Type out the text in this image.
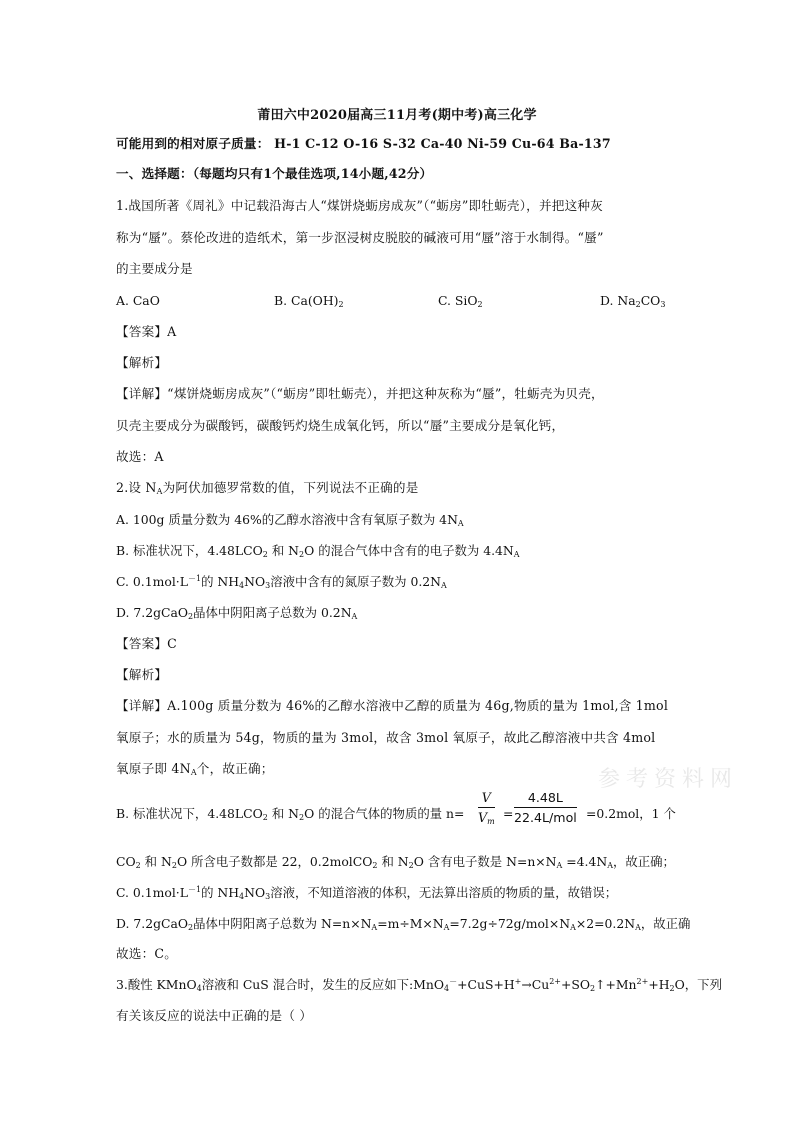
莆田六中2020届高三11月考(期中考)高三化学
可能用到的相对原子质量： H-1 C-12 O-16 S-32 Ca-40 Ni-59 Cu-64 Ba-137
一、选择题：（每题均只有1个最佳选项,14小题,42分）
1.战国所著《周礼》中记载沿海古人“煤饼烧蛎房成灰”（“蛎房”即牡蛎壳），并把这种灰
称为“蜃”。蔡伦改进的造纸术，第一步沤浸树皮脱胶的碱液可用“蜃”溶于水制得。“蜃”
的主要成分是
A. CaO	B. $Ca(OH)_2$	C. SiO$_2$	D. $Na_2CO_3$
【答案】A
【解析】
【详解】“煤饼烧蛎房成灰”（“蛎房”即牡蛎壳），并把这种灰称为“蜃”，牡蛎壳为贝壳，
贝壳主要成分为碳酸钙，碳酸钙灼烧生成氧化钙，所以“蜃”主要成分是氧化钙，
故选：A
2.设 $N_A$为阿伏加德罗常数的值，下列说法不正确的是
A. 100g 质量分数为 46%的乙醇水溶液中含有氧原子数为 $4N_A$
B. 标准状况下，$4.48LCO_2$ 和 $N_2O$ 的混合气体中含有的电子数为 $4.4N_A$
C. $0.1mol\cdot L^{-1}$的 $NH_4NO_3$溶液中含有的氮原子数为 $0.2N_A$
D. 7.2gCaO$_2$晶体中阴阳离子总数为 $0.2N_A$
【答案】C
【解析】
【详解】A.100g 质量分数为 46%的乙醇水溶液中乙醇的质量为 46g,物质的量为 1mol,含 1mol
氧原子；水的质量为 54g，物质的量为 3mol，故含 3mol 氧原子，故此乙醇溶液中共含 4mol
氧原子即 $4N_A$个，故正确；
B. 标准状况下，$4.48LCO_2$ 和 $N_2O$ 的混合气体的物质的量 $n= \frac{V}{V_m}$ =
4.48L
22.4L/mol =0.2mol，1 个
$CO_2$ 和 $N_2O$ 所含电子数都是 22，0.2molCO$_2$ 和 $N_2O$ 含有电子数是 $N=n\times N_A =4.4N_A$，故正确；
C. $0.1mol\cdot L^{-1}$的 $NH_4NO_3$溶液，不知道溶液的体积，无法算出溶质的物质的量，故错误；
D. 7.2gCaO$_2$晶体中阴阳离子总数为 $N=n\times N_A=m\div M\times N_A=7.2g\div 72g/mol\times N_A\times 2=0.2N_A$，故正确
故选：C。
3.酸性 KMnO$_4$溶液和 CuS 混合时，发生的反应如下$:MnO_4^-+CuS+H^+\to Cu^{2+}+SO_2↑+Mn^{2+}+H_2O$，下列
有关该反应的说法中正确的是（ ）
参考资料网
